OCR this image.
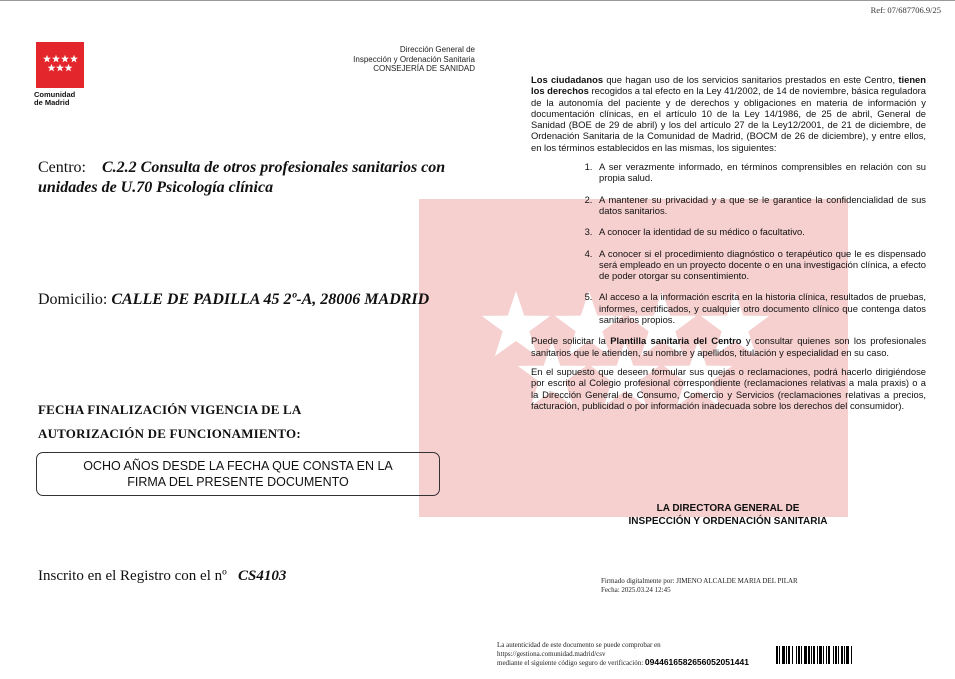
Ref: 07/687706.9/25
Comunidad
de Madrid
Dirección General de
Inspección y Ordenación Sanitaria
CONSEJERÍA DE SANIDAD
Centro: C.2.2 Consulta de otros profesionales sanitarios con unidades de U.70 Psicología clínica
Domicilio: CALLE DE PADILLA 45 2º-A, 28006 MADRID
FECHA FINALIZACIÓN VIGENCIA DE LA
AUTORIZACIÓN DE FUNCIONAMIENTO:
OCHO AÑOS DESDE LA FECHA QUE CONSTA EN LA
FIRMA DEL PRESENTE DOCUMENTO
Inscrito en el Registro con el nº CS4103

Los ciudadanos que hagan uso de los servicios sanitarios prestados en este Centro, tienen los derechos recogidos a tal efecto en la Ley 41/2002, de 14 de noviembre, básica reguladora de la autonomía del paciente y de derechos y obligaciones en materia de información y documentación clínicas, en el artículo 10 de la Ley 14/1986, de 25 de abril, General de Sanidad (BOE de 29 de abril) y los del artículo 27 de la Ley12/2001, de 21 de diciembre, de Ordenación Sanitaria de la Comunidad de Madrid, (BOCM de 26 de diciembre), y entre ellos, en los términos establecidos en las mismas, los siguientes:

1. A ser verazmente informado, en términos comprensibles en relación con su propia salud.
2. A mantener su privacidad y a que se le garantice la confidencialidad de sus datos sanitarios.
3. A conocer la identidad de su médico o facultativo.
4. A conocer si el procedimiento diagnóstico o terapéutico que le es dispensado será empleado en un proyecto docente o en una investigación clínica, a efecto de poder otorgar su consentimiento.
5. Al acceso a la información escrita en la historia clínica, resultados de pruebas, informes, certificados, y cualquier otro documento clínico que contenga datos sanitarios propios.

Puede solicitar la Plantilla sanitaria del Centro y consultar quienes son los profesionales sanitarios que le atienden, su nombre y apellidos, titulación y especialidad en su caso.

En el supuesto que deseen formular sus quejas o reclamaciones, podrá hacerlo dirigiéndose por escrito al Colegio profesional correspondiente (reclamaciones relativas a mala praxis) o a la Dirección General de Consumo, Comercio y Servicios (reclamaciones relativas a precios, facturación, publicidad o por información inadecuada sobre los derechos del consumidor).

LA DIRECTORA GENERAL DE
INSPECCIÓN Y ORDENACIÓN SANITARIA
Firmado digitalmente por: JIMENO ALCALDE MARIA DEL PILAR
Fecha: 2025.03.24 12:45
La autenticidad de este documento se puede comprobar en
https://gestiona.comunidad.madrid/csv
mediante el siguiente código seguro de verificación: 0944616582656052051441
